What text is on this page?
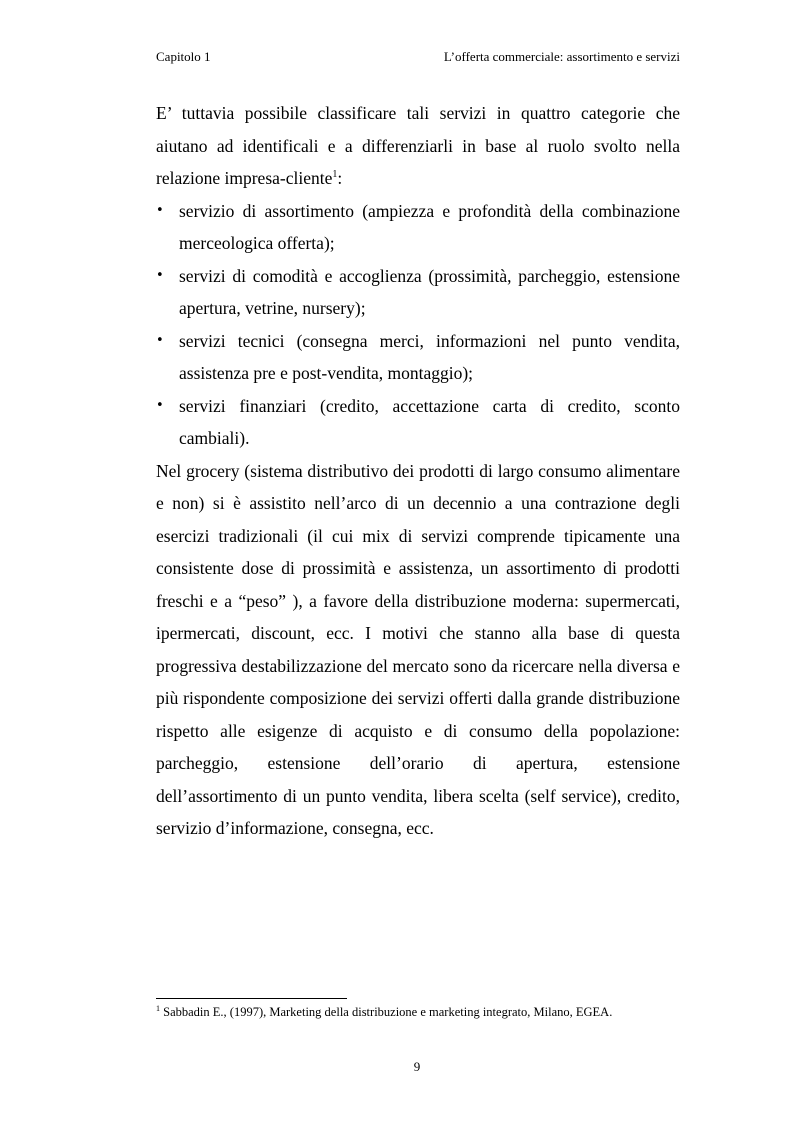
Capitolo 1	L’offerta commerciale: assortimento e servizi

E’ tuttavia possibile classificare tali servizi in quattro categorie che aiutano ad identificali e a differenziarli in base al ruolo svolto nella relazione impresa-cliente$^1$:

• servizio di assortimento (ampiezza e profondità della combinazione merceologica offerta);
• servizi di comodità e accoglienza (prossimità, parcheggio, estensione apertura, vetrine, nursery);
• servizi tecnici (consegna merci, informazioni nel punto vendita, assistenza pre e post-vendita, montaggio);
• servizi finanziari (credito, accettazione carta di credito, sconto cambiali).

Nel grocery (sistema distributivo dei prodotti di largo consumo alimentare e non) si è assistito nell’arco di un decennio a una contrazione degli esercizi tradizionali (il cui mix di servizi comprende tipicamente una consistente dose di prossimità e assistenza, un assortimento di prodotti freschi e a “peso” ), a favore della distribuzione moderna: supermercati, ipermercati, discount, ecc. I motivi che stanno alla base di questa progressiva destabilizzazione del mercato sono da ricercare nella diversa e più rispondente composizione dei servizi offerti dalla grande distribuzione rispetto alle esigenze di acquisto e di consumo della popolazione: parcheggio, estensione dell’orario di apertura, estensione dell’assortimento di un punto vendita, libera scelta (self service), credito, servizio d’informazione, consegna, ecc.

$^1$ Sabbadin E., (1997), Marketing della distribuzione e marketing integrato, Milano, EGEA.
9
